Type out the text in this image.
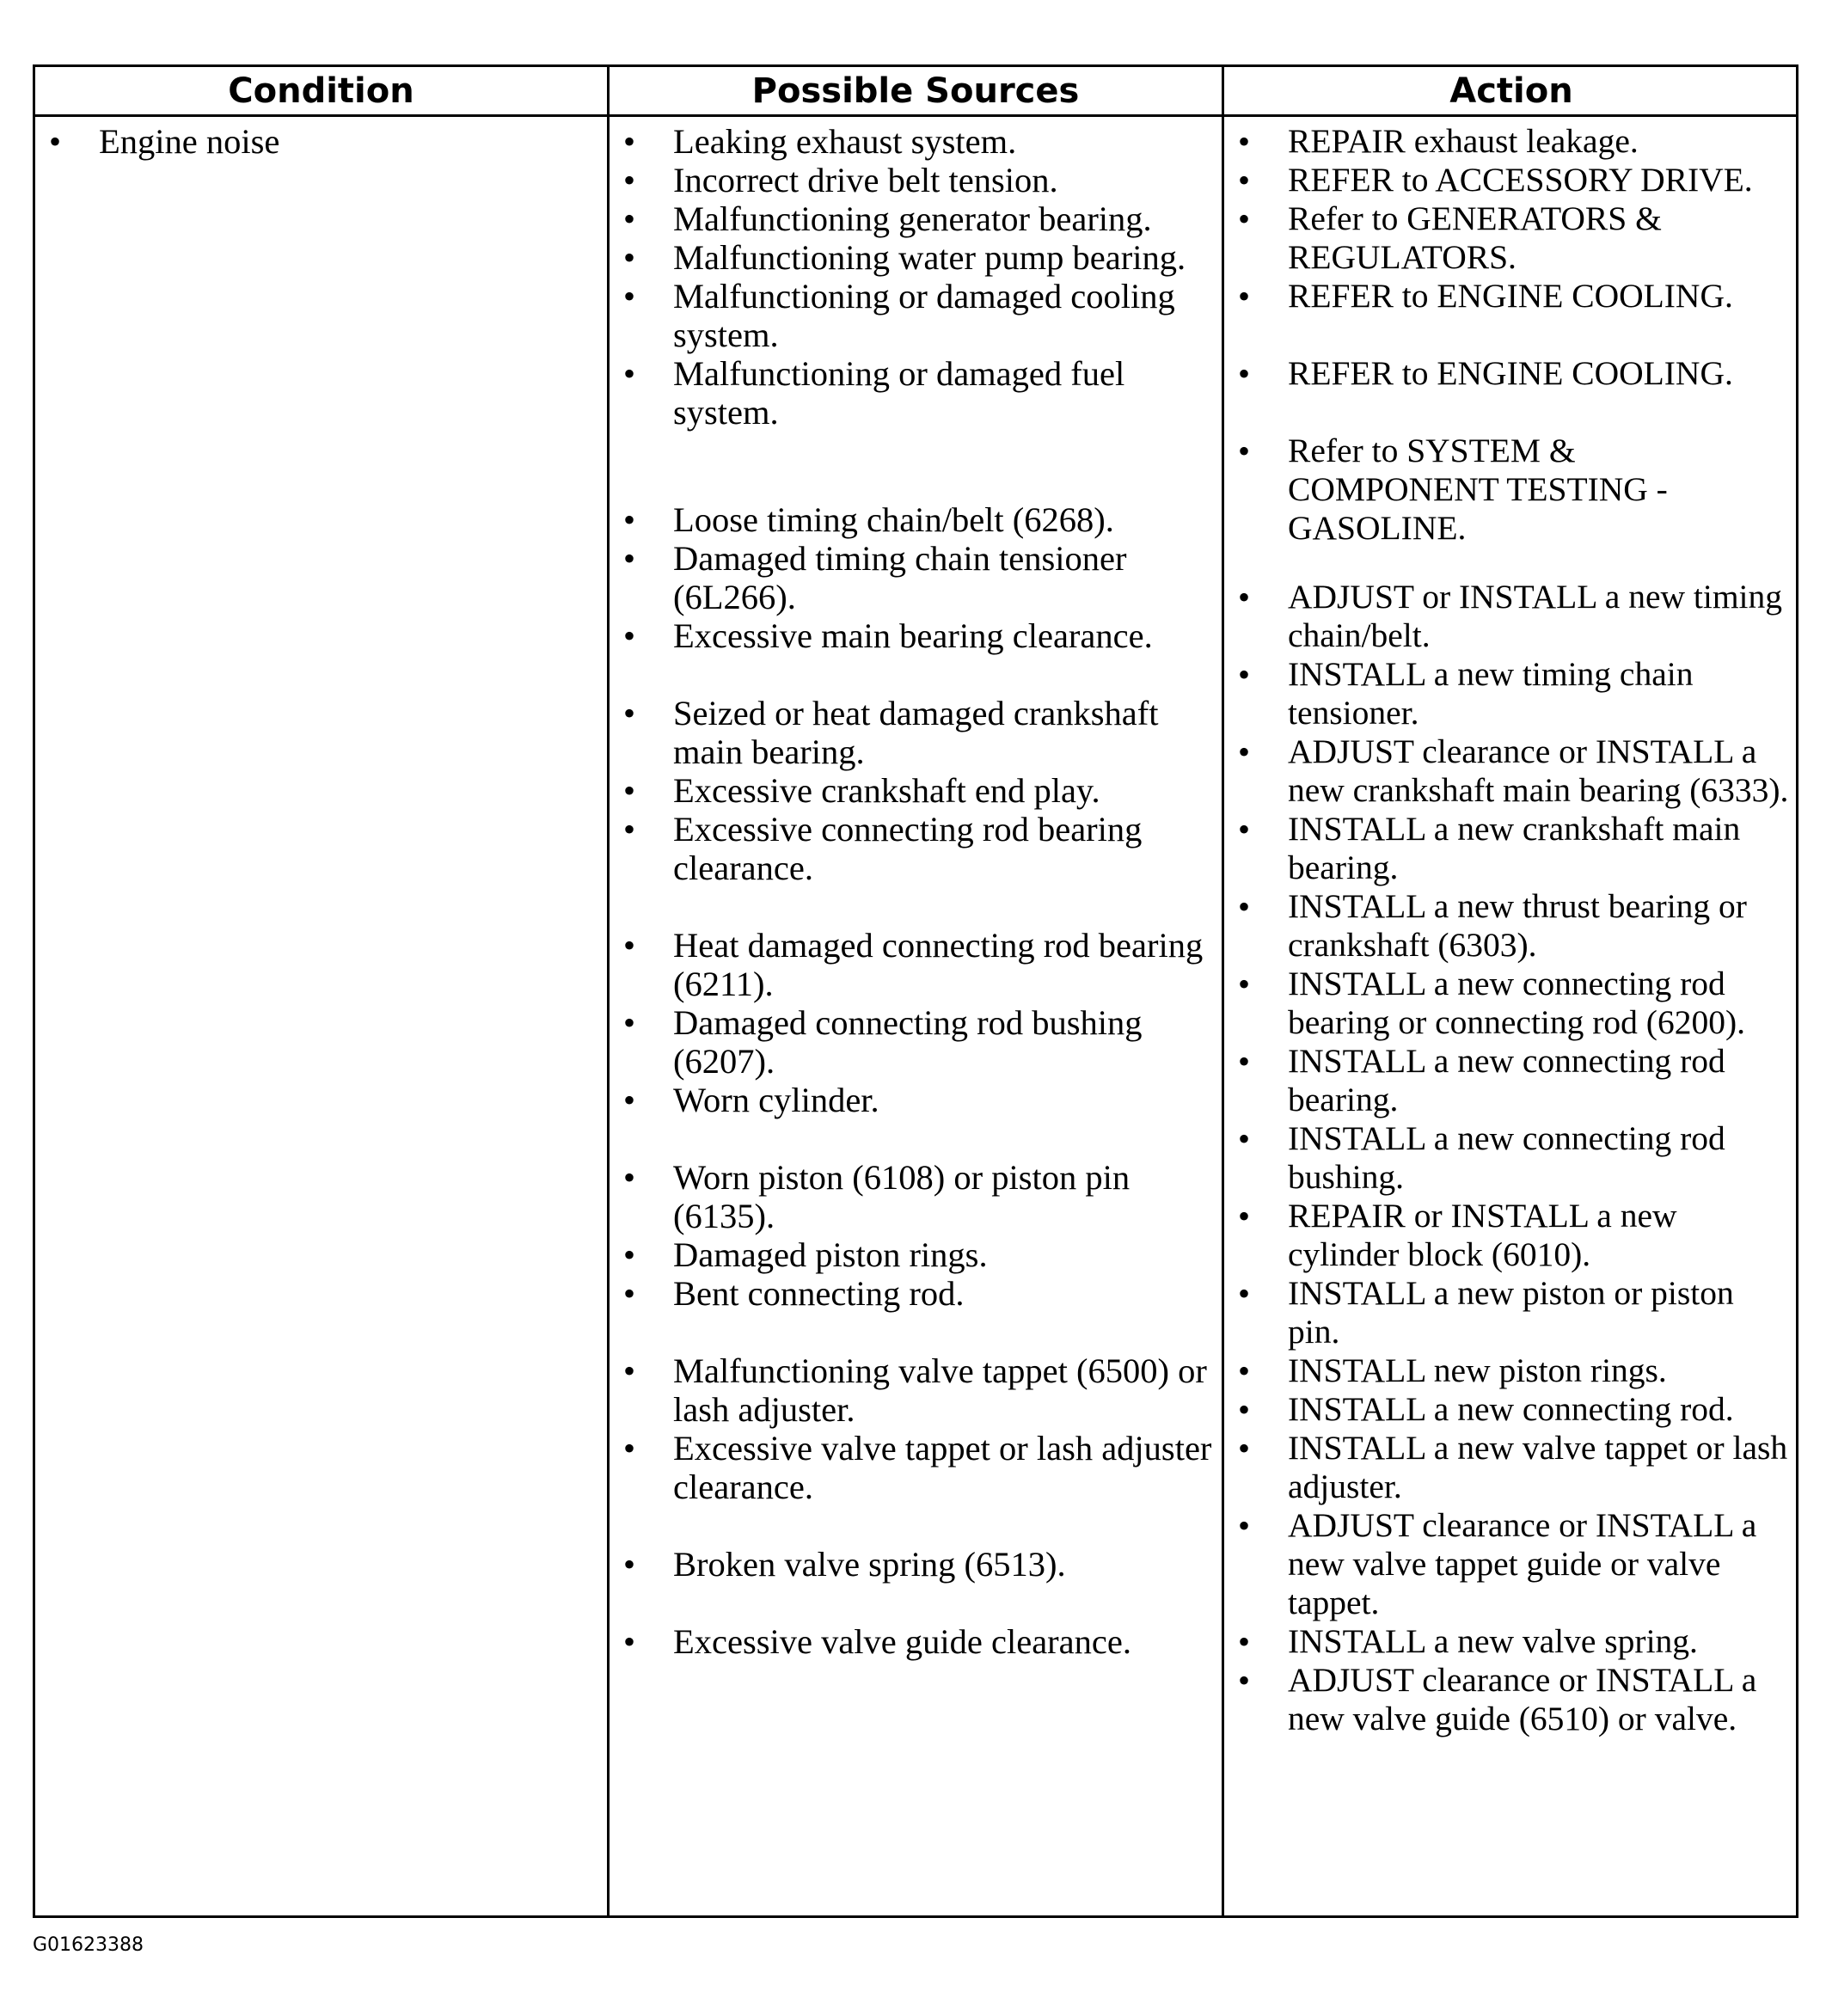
Condition	Possible Sources	Action
• Engine noise
•	Leaking exhaust system.
• Incorrect drive belt tension.
• Malfunctioning generator bearing.
• Malfunctioning water pump bearing.
• Malfunctioning or damaged cooling system.
• Malfunctioning or damaged fuel system.
• Loose timing chain/belt (6268).
• Damaged timing chain tensioner (6L266).
• Excessive main bearing clearance.
• Seized or heat damaged crankshaft main bearing.
• Excessive crankshaft end play.
• Excessive connecting rod bearing clearance.
• Heat damaged connecting rod bearing (6211).
• Damaged connecting rod bushing (6207).
• Worn cylinder.
• Worn piston (6108) or piston pin (6135).
• Damaged piston rings.
• Bent connecting rod.
• Malfunctioning valve tappet (6500) or lash adjuster.
• Excessive valve tappet or lash adjuster clearance.
• Broken valve spring (6513).
• Excessive valve guide clearance.
• REPAIR exhaust leakage.
• REFER to ACCESSORY DRIVE.
• Refer to GENERATORS & REGULATORS.
• REFER to ENGINE COOLING.
• REFER to ENGINE COOLING.
• Refer to SYSTEM & COMPONENT TESTING - GASOLINE.
• ADJUST or INSTALL a new timing chain/belt.
• INSTALL a new timing chain tensioner.
• ADJUST clearance or INSTALL a new crankshaft main bearing (6333).
• INSTALL a new crankshaft main bearing.
• INSTALL a new thrust bearing or crankshaft (6303).
• INSTALL a new connecting rod bearing or connecting rod (6200).
• INSTALL a new connecting rod bearing.
• INSTALL a new connecting rod bushing.
• REPAIR or INSTALL a new cylinder block (6010).
• INSTALL a new piston or piston pin.
• INSTALL new piston rings.
• INSTALL a new connecting rod.
• INSTALL a new valve tappet or lash adjuster.
• ADJUST clearance or INSTALL a new valve tappet guide or valve tappet.
• INSTALL a new valve spring.
• ADJUST clearance or INSTALL a new valve guide (6510) or valve.
G01623388
